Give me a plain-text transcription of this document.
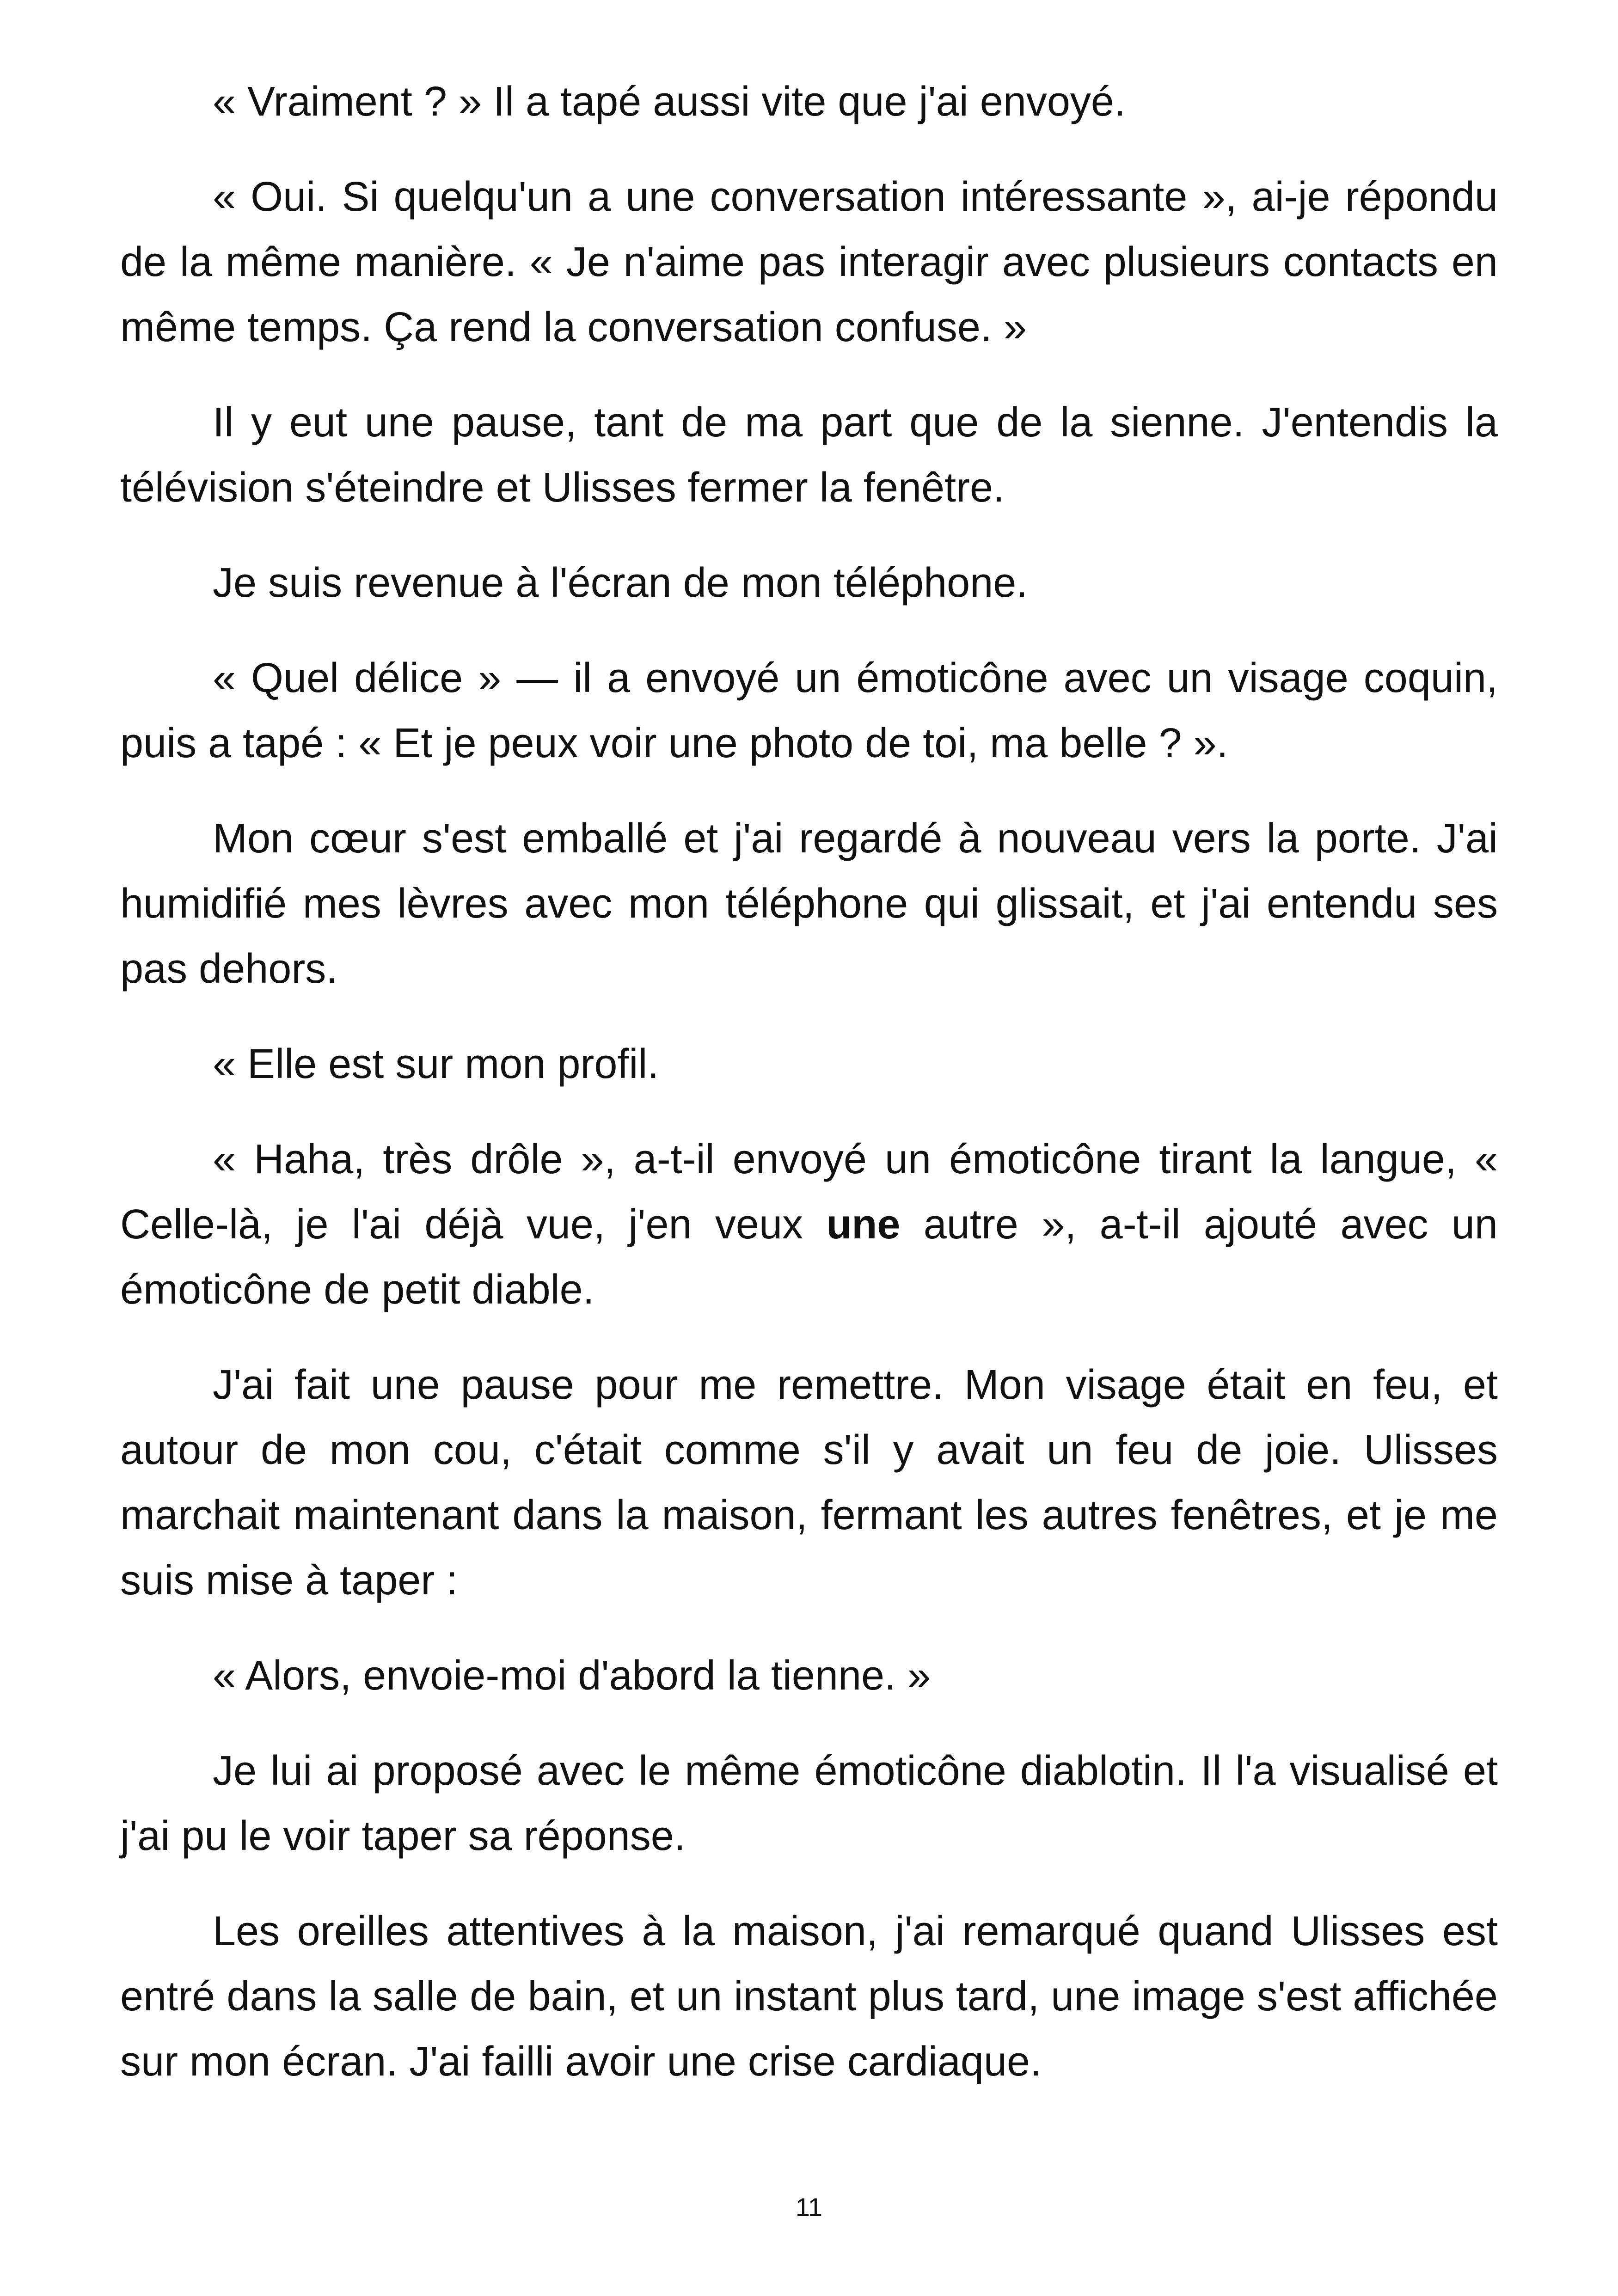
« Vraiment ? » Il a tapé aussi vite que j'ai envoyé.

« Oui. Si quelqu'un a une conversation intéressante », ai-je répondu de la même manière. « Je n'aime pas interagir avec plusieurs contacts en même temps. Ça rend la conversation confuse. »

Il y eut une pause, tant de ma part que de la sienne. J'entendis la télévision s'éteindre et Ulisses fermer la fenêtre.

Je suis revenue à l'écran de mon téléphone.

« Quel délice » — il a envoyé un émoticône avec un visage coquin, puis a tapé : « Et je peux voir une photo de toi, ma belle ? ».

Mon cœur s'est emballé et j'ai regardé à nouveau vers la porte. J'ai humidifié mes lèvres avec mon téléphone qui glissait, et j'ai entendu ses pas dehors.

« Elle est sur mon profil.

« Haha, très drôle », a-t-il envoyé un émoticône tirant la langue, « Celle-là, je l'ai déjà vue, j'en veux une autre », a-t-il ajouté avec un émoticône de petit diable.

J'ai fait une pause pour me remettre. Mon visage était en feu, et autour de mon cou, c'était comme s'il y avait un feu de joie. Ulisses marchait maintenant dans la maison, fermant les autres fenêtres, et je me suis mise à taper :

« Alors, envoie-moi d'abord la tienne. »

Je lui ai proposé avec le même émoticône diablotin. Il l'a visualisé et j'ai pu le voir taper sa réponse.

Les oreilles attentives à la maison, j'ai remarqué quand Ulisses est entré dans la salle de bain, et un instant plus tard, une image s'est affichée sur mon écran. J'ai failli avoir une crise cardiaque.

11
